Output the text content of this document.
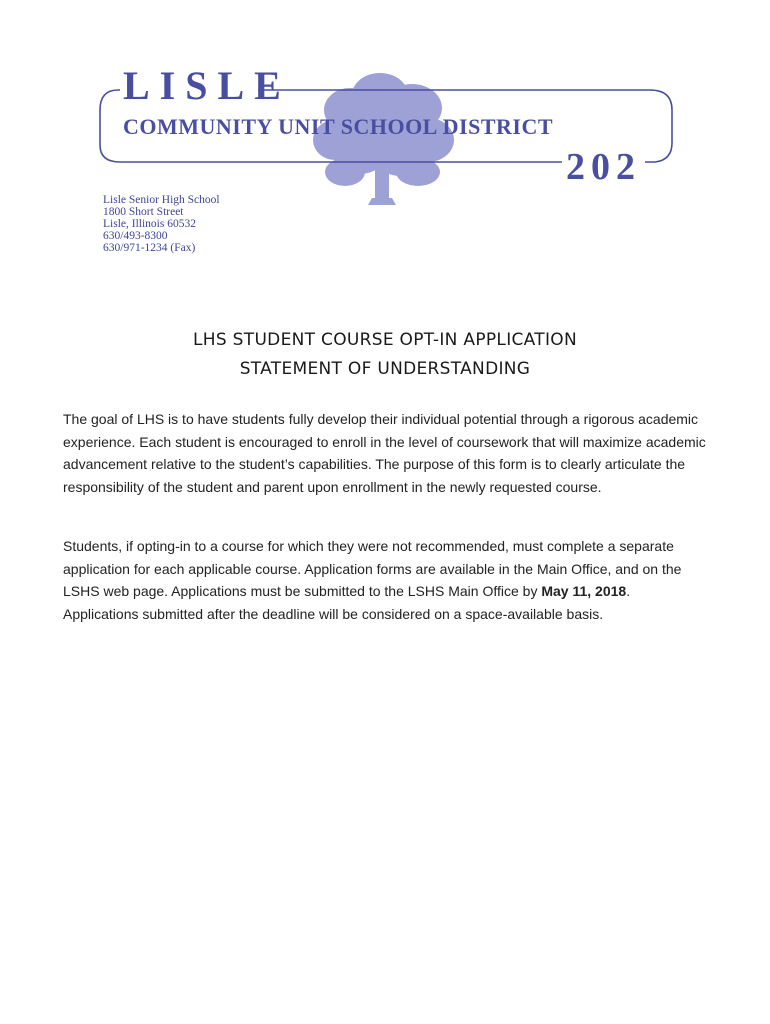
LISLE
COMMUNITY UNIT SCHOOL DISTRICT
202
Lisle Senior High School
1800 Short Street
Lisle, Illinois 60532
630/493-8300
630/971-1234 (Fax)
LHS STUDENT COURSE OPT-IN APPLICATION
STATEMENT OF UNDERSTANDING

The goal of LHS is to have students fully develop their individual potential through a rigorous academic experience. Each student is encouraged to enroll in the level of coursework that will maximize academic advancement relative to the student’s capabilities. The purpose of this form is to clearly articulate the responsibility of the student and parent upon enrollment in the newly requested course.

Students, if opting-in to a course for which they were not recommended, must complete a separate application for each applicable course. Application forms are available in the Main Office, and on the LSHS web page. Applications must be submitted to the LSHS Main Office by May 11, 2018. Applications submitted after the deadline will be considered on a space-available basis.
